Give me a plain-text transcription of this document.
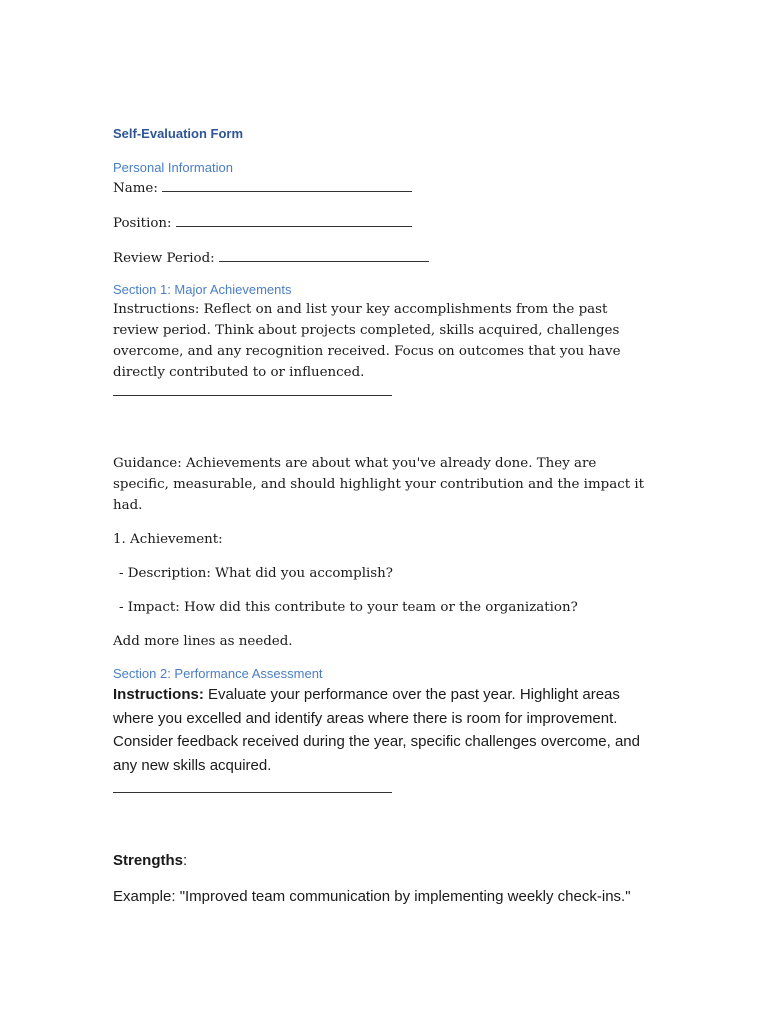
Self-Evaluation Form
Personal Information
Name:
Position:
Review Period:
Section 1: Major Achievements

Instructions: Reflect on and list your key accomplishments from the past review period. Think about projects completed, skills acquired, challenges overcome, and any recognition received. Focus on outcomes that you have directly contributed to or influenced.

Guidance: Achievements are about what you've already done. They are specific, measurable, and should highlight your contribution and the impact it had.

1. Achievement:

- Description: What did you accomplish?

- Impact: How did this contribute to your team or the organization?

Add more lines as needed.

Section 2: Performance Assessment

Instructions: Evaluate your performance over the past year. Highlight areas where you excelled and identify areas where there is room for improvement. Consider feedback received during the year, specific challenges overcome, and any new skills acquired.

Strengths:

Example: "Improved team communication by implementing weekly check-ins."
